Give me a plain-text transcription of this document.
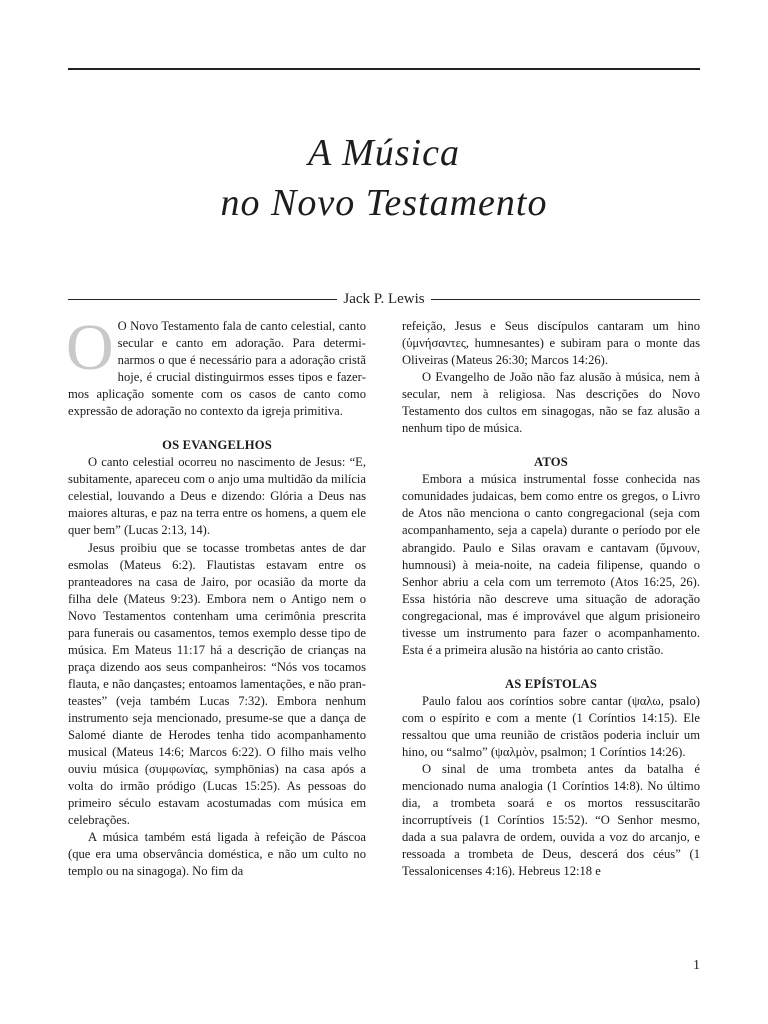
A Música
no Novo Testamento
Jack P. Lewis
O O Novo Testamento fala de canto celestial, canto secular e canto em adoração. Para determinarmos o que é necessário para a adoração cristã hoje, é crucial distinguirmos esses tipos e fazermos aplicação somente com os casos de canto como expressão de adoração no contexto da igreja primitiva.

OS EVANGELHOS

O canto celestial ocorreu no nascimento de Jesus: “E, subitamente, apareceu com o anjo uma multidão da milícia celestial, louvando a Deus e dizendo: Glória a Deus nas maiores alturas, e paz na terra entre os homens, a quem ele quer bem” (Lucas 2:13, 14).

Jesus proibiu que se tocasse trombetas antes de dar esmolas (Mateus 6:2). Flautistas estavam entre os pranteadores na casa de Jairo, por ocasião da morte da filha dele (Mateus 9:23). Embora nem o Antigo nem o Novo Testamentos contenham uma cerimônia prescrita para funerais ou casamentos, temos exemplo desse tipo de música. Em Mateus 11:17 há a descrição de crianças na praça dizendo aos seus companheiros: “Nós vos tocamos flauta, e não dançastes; entoamos lamentações, e não pranteastes” (veja também Lucas 7:32). Embora nenhum instrumento seja mencionado, presume-se que a dança de Salomé diante de Herodes tenha tido acompanhamento musical (Mateus 14:6; Marcos 6:22). O filho mais velho ouviu música (συμφωνίας, symphōnias) na casa após a volta do irmão pródigo (Lucas 15:25). As pessoas do primeiro século estavam acostumadas com música em celebrações.

A música também está ligada à refeição de Páscoa (que era uma observância doméstica, e não um culto no templo ou na sinagoga). No fim da

refeição, Jesus e Seus discípulos cantaram um hino (ὑμνήσαντες, humnesantes) e subiram para o monte das Oliveiras (Mateus 26:30; Marcos 14:26).

O Evangelho de João não faz alusão à música, nem à secular, nem à religiosa. Nas descrições do Novo Testamento dos cultos em sinagogas, não se faz alusão a nenhum tipo de música.

ATOS

Embora a música instrumental fosse conhecida nas comunidades judaicas, bem como entre os gregos, o Livro de Atos não menciona o canto congregacional (seja com acompanhamento, seja a capela) durante o período por ele abrangido. Paulo e Silas oravam e cantavam (ὕμνουν, humnousi) à meia-noite, na cadeia filipense, quando o Senhor abriu a cela com um terremoto (Atos 16:25, 26). Essa história não descreve uma situação de adoração congregacional, mas é improvável que algum prisioneiro tivesse um instrumento para fazer o acompanhamento. Esta é a primeira alusão na história ao canto cristão.

AS EPÍSTOLAS

Paulo falou aos coríntios sobre cantar (ψαλω, psalo) com o espírito e com a mente (1 Coríntios 14:15). Ele ressaltou que uma reunião de cristãos poderia incluir um hino, ou “salmo” (ψαλμὸν, psalmon; 1 Coríntios 14:26).

O sinal de uma trombeta antes da batalha é mencionado numa analogia (1 Coríntios 14:8). No último dia, a trombeta soará e os mortos ressuscitarão incorruptíveis (1 Coríntios 15:52). “O Senhor mesmo, dada a sua palavra de ordem, ouvida a voz do arcanjo, e ressoada a trombeta de Deus, descerá dos céus” (1 Tessalonicenses 4:16). Hebreus 12:18 e

1
